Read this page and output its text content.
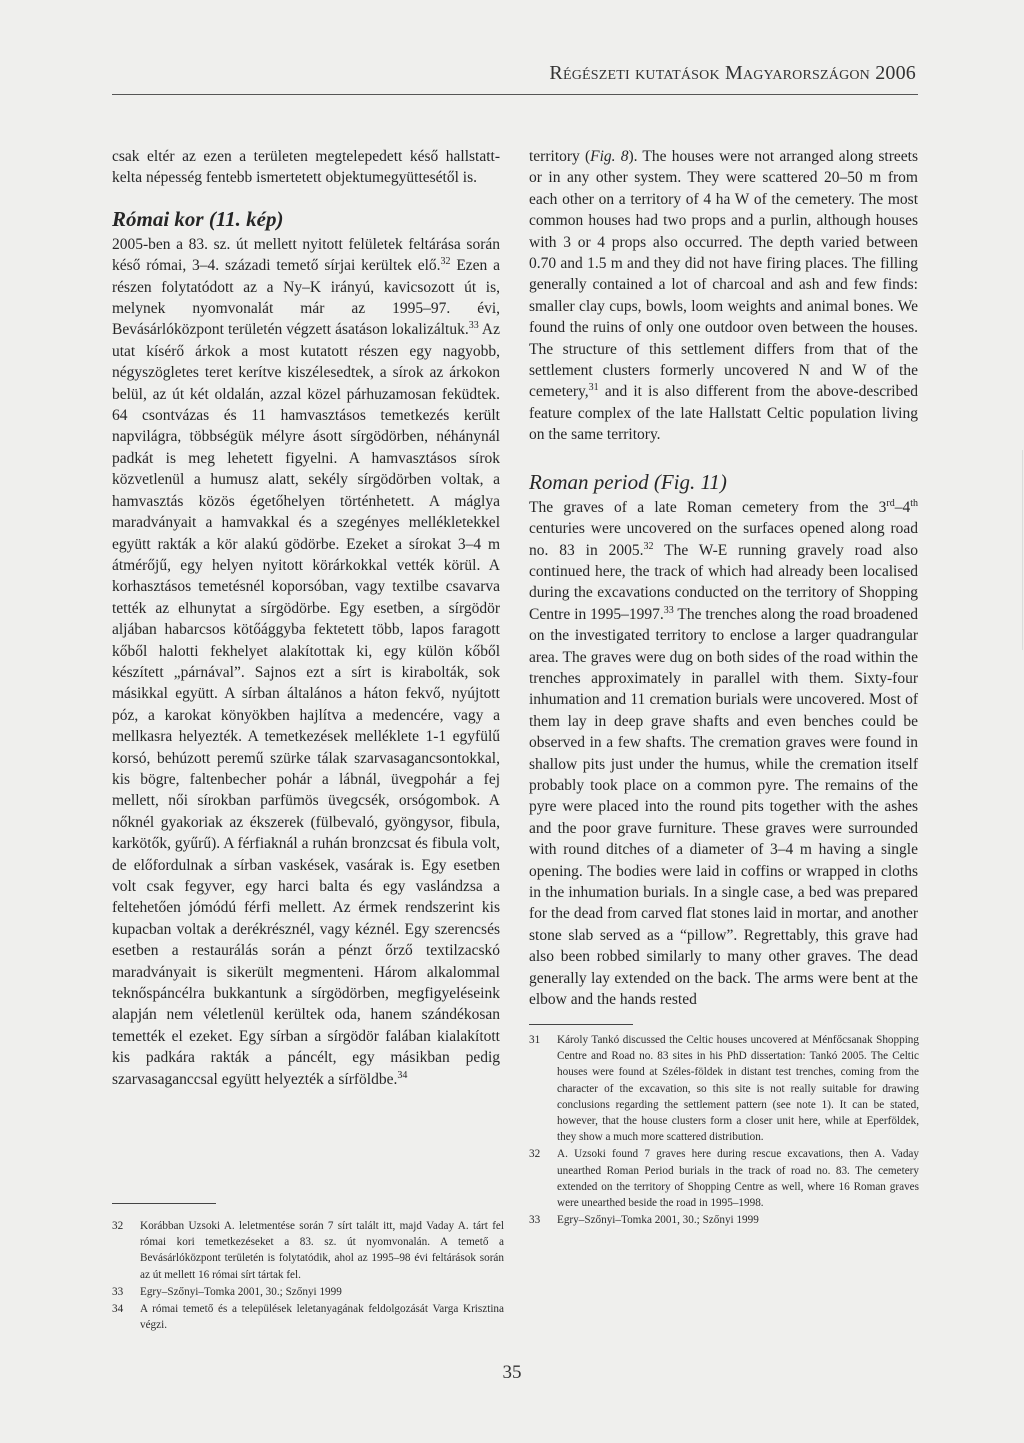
Régészeti kutatások Magyarországon 2006

csak eltér az ezen a területen megtelepedett késő hallstatt-kelta népesség fentebb ismertetett objektumegyüttesétől is.

Római kor (11. kép)

2005-ben a 83. sz. út mellett nyitott felületek feltárása során késő római, 3–4. századi temető sírjai kerültek elő.$^{32}$ Ezen a részen folytatódott az a Ny–K irányú, kavicsozott út is, melynek nyomvonalát már az 1995–97. évi, Bevásárlóközpont területén végzett ásatáson lokalizáltuk.$^{33}$ Az utat kísérő árkok a most kutatott részen egy nagyobb, négyszögletes teret kerítve kiszélesedtek, a sírok az árkokon belül, az út két oldalán, azzal közel párhuzamosan feküdtek. 64 csontvázas és 11 hamvasztásos temetkezés került napvilágra, többségük mélyre ásott sírgödörben, néhánynál padkát is meg lehetett figyelni. A hamvasztásos sírok közvetlenül a humusz alatt, sekély sírgödörben voltak, a hamvasztás közös égetőhelyen történhetett. A máglya maradványait a hamvakkal és a szegényes mellékletekkel együtt rakták a kör alakú gödörbe. Ezeket a sírokat 3–4 m átmérőjű, egy helyen nyitott körárkokkal vették körül. A korhasztásos temetésnél koporsóban, vagy textilbe csavarva tették az elhunytat a sírgödörbe. Egy esetben, a sírgödör aljában habarcsos kötőággyba fektetett több, lapos faragott kőből halotti fekhelyet alakítottak ki, egy külön kőből készített „párnával”. Sajnos ezt a sírt is kirabolták, sok másikkal együtt. A sírban általános a háton fekvő, nyújtott póz, a karokat könyökben hajlítva a medencére, vagy a mellkasra helyezték. A temetkezések melléklete 1-1 egyfülű korsó, behúzott peremű szürke tálak szarvasagancsontokkal, kis bögre, faltenbecher pohár a lábnál, üvegpohár a fej mellett, női sírokban parfümös üvegcsék, orsógombok. A nőknél gyakoriak az ékszerek (fülbevaló, gyöngysor, fibula, karkötők, gyűrű). A férfiaknál a ruhán bronzcsat és fibula volt, de előfordulnak a sírban vaskések, vasárak is. Egy esetben volt csak fegyver, egy harci balta és egy vaslándzsa a feltehetően jómódú férfi mellett. Az érmek rendszerint kis kupacban voltak a derékrésznél, vagy kéznél. Egy szerencsés esetben a restaurálás során a pénzt őrző textilzacskó maradványait is sikerült megmenteni. Három alkalommal teknőspáncélra bukkantunk a sírgödörben, megfigyeléseink alapján nem véletlenül kerültek oda, hanem szándékosan temették el ezeket. Egy sírban a sírgödör falában kialakított kis padkára rakták a páncélt, egy másikban pedig szarvasaganccsal együtt helyezték a sírföldbe.$^{34}$

territory (Fig. 8). The houses were not arranged along streets or in any other system. They were scattered 20–50 m from each other on a territory of 4 ha W of the cemetery. The most common houses had two props and a purlin, although houses with 3 or 4 props also occurred. The depth varied between 0.70 and 1.5 m and they did not have firing places. The filling generally contained a lot of charcoal and ash and few finds: smaller clay cups, bowls, loom weights and animal bones. We found the ruins of only one outdoor oven between the houses. The structure of this settlement differs from that of the settlement clusters formerly uncovered N and W of the cemetery,$^{31}$ and it is also different from the above-described feature complex of the late Hallstatt Celtic population living on the same territory.

Roman period (Fig. 11)

The graves of a late Roman cemetery from the 3rd–4th centuries were uncovered on the surfaces opened along road no. 83 in 2005.32 The W-E running gravely road also continued here, the track of which had already been localised during the excavations conducted on the territory of Shopping Centre in 1995–1997.33 The trenches along the road broadened on the investigated territory to enclose a larger quadrangular area. The graves were dug on both sides of the road within the trenches approximately in parallel with them. Sixty-four inhumation and 11 cremation burials were uncovered. Most of them lay in deep grave shafts and even benches could be observed in a few shafts. The cremation graves were found in shallow pits just under the humus, while the cremation itself probably took place on a common pyre. The remains of the pyre were placed into the round pits together with the ashes and the poor grave furniture. These graves were surrounded with round ditches of a diameter of 3–4 m having a single opening. The bodies were laid in coffins or wrapped in cloths in the inhumation burials. In a single case, a bed was prepared for the dead from carved flat stones laid in mortar, and another stone slab served as a “pillow”. Regrettably, this grave had also been robbed similarly to many other graves. The dead generally lay extended on the back. The arms were bent at the elbow and the hands rested

32 Korábban Uzsoki A. leletmentése során 7 sírt talált itt, majd Vaday A. tárt fel római kori temetkezéseket a 83. sz. út nyomvonalán. A temető a Bevásárlóközpont területén is folytatódik, ahol az 1995–98 évi feltárások során az út mellett 16 római sírt tártak fel.
33 Egry–Szőnyi–Tomka 2001, 30.; Szőnyi 1999
34 A római temető és a települések leletanyagának feldolgozását Varga Krisztina végzi.
31 Károly Tankó discussed the Celtic houses uncovered at Ménfőcsanak Shopping Centre and Road no. 83 sites in his PhD dissertation: Tankó 2005. The Celtic houses were found at Széles-földek in distant test trenches, coming from the character of the excavation, so this site is not really suitable for drawing conclusions regarding the settlement pattern (see note 1). It can be stated, however, that the house clusters form a closer unit here, while at Eperföldek, they show a much more scattered distribution.
32 A. Uzsoki found 7 graves here during rescue excavations, then A. Vaday unearthed Roman Period burials in the track of road no. 83. The cemetery extended on the territory of Shopping Centre as well, where 16 Roman graves were unearthed beside the road in 1995–1998.
33 Egry–Szőnyi–Tomka 2001, 30.; Szőnyi 1999
35
